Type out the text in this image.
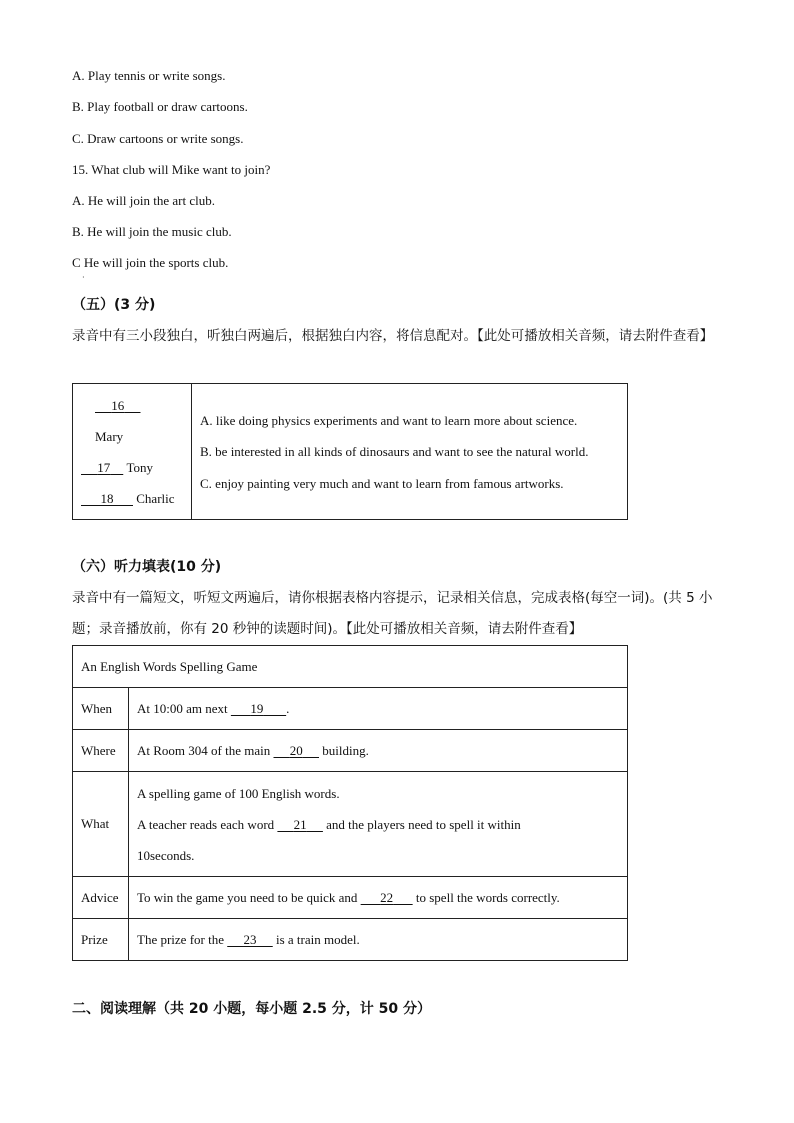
A. Play tennis or write songs.
B. Play football or draw cartoons.
C. Draw cartoons or write songs.
15. What club will Mike want to join?
A. He will join the art club.
B. He will join the music club.
C He will join the sports club.
·
（五）(3 分)
录音中有三小段独白，听独白两遍后，根据独白内容，将信息配对。【此处可播放相关音频，请去附件查看】
16
Mary
17 Tony
18 Charlic
A. like doing physics experiments and want to learn more about science.
B. be interested in all kinds of dinosaurs and want to see the natural world.
C. enjoy painting very much and want to learn from famous artworks.
（六）听力填表(10 分)
录音中有一篇短文，听短文两遍后，请你根据表格内容提示，记录相关信息，完成表格(每空一词)。(共 5 小题；录音播放前，你有 20 秒钟的读题时间)。【此处可播放相关音频，请去附件查看】
An English Words Spelling Game	
When	At 10:00 am next       19 .
Where	At Room 304 of the main      20      building.
What	A spelling game of 100 English words.
A teacher reads each word      21      and the players need to spell it within
10seconds.

Advice	To win the game you need to be quick and       22       to spell the words correctly.
Prize	The prize for the      23      is a train model.
二、阅读理解（共 20 小题，每小题 2.5 分，计 50 分）
